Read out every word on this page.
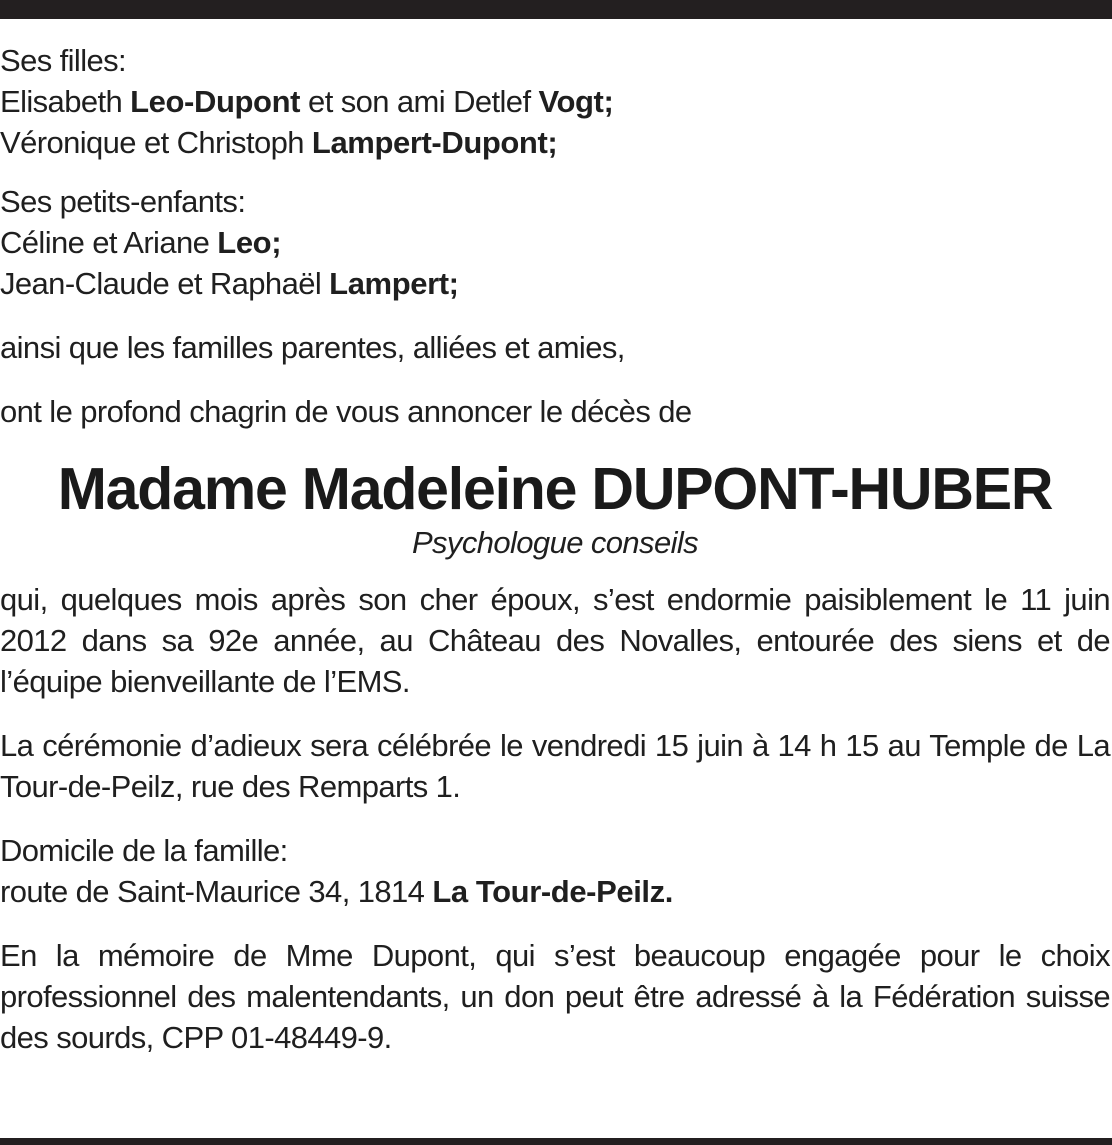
Ses filles:
Elisabeth Leo-Dupont et son ami Detlef Vogt;
Véronique et Christoph Lampert-Dupont;
Ses petits-enfants:
Céline et Ariane Leo;
Jean-Claude et Raphaël Lampert;
ainsi que les familles parentes, alliées et amies,
ont le profond chagrin de vous annoncer le décès de
Madame Madeleine DUPONT-HUBER
Psychologue conseils
qui, quelques mois après son cher époux, s’est endormie paisiblement le 11 juin 2012 dans sa 92e année, au Château des Novalles, entourée des siens et de l’équipe bienveillante de l’EMS.
La cérémonie d’adieux sera célébrée le vendredi 15 juin à 14 h 15 au Temple de La Tour-de-Peilz, rue des Remparts 1.
Domicile de la famille:
route de Saint-Maurice 34, 1814 La Tour-de-Peilz.
En la mémoire de Mme Dupont, qui s’est beaucoup engagée pour le choix professionnel des malentendants, un don peut être adressé à la Fédération suisse des sourds, CPP 01-48449-9.
